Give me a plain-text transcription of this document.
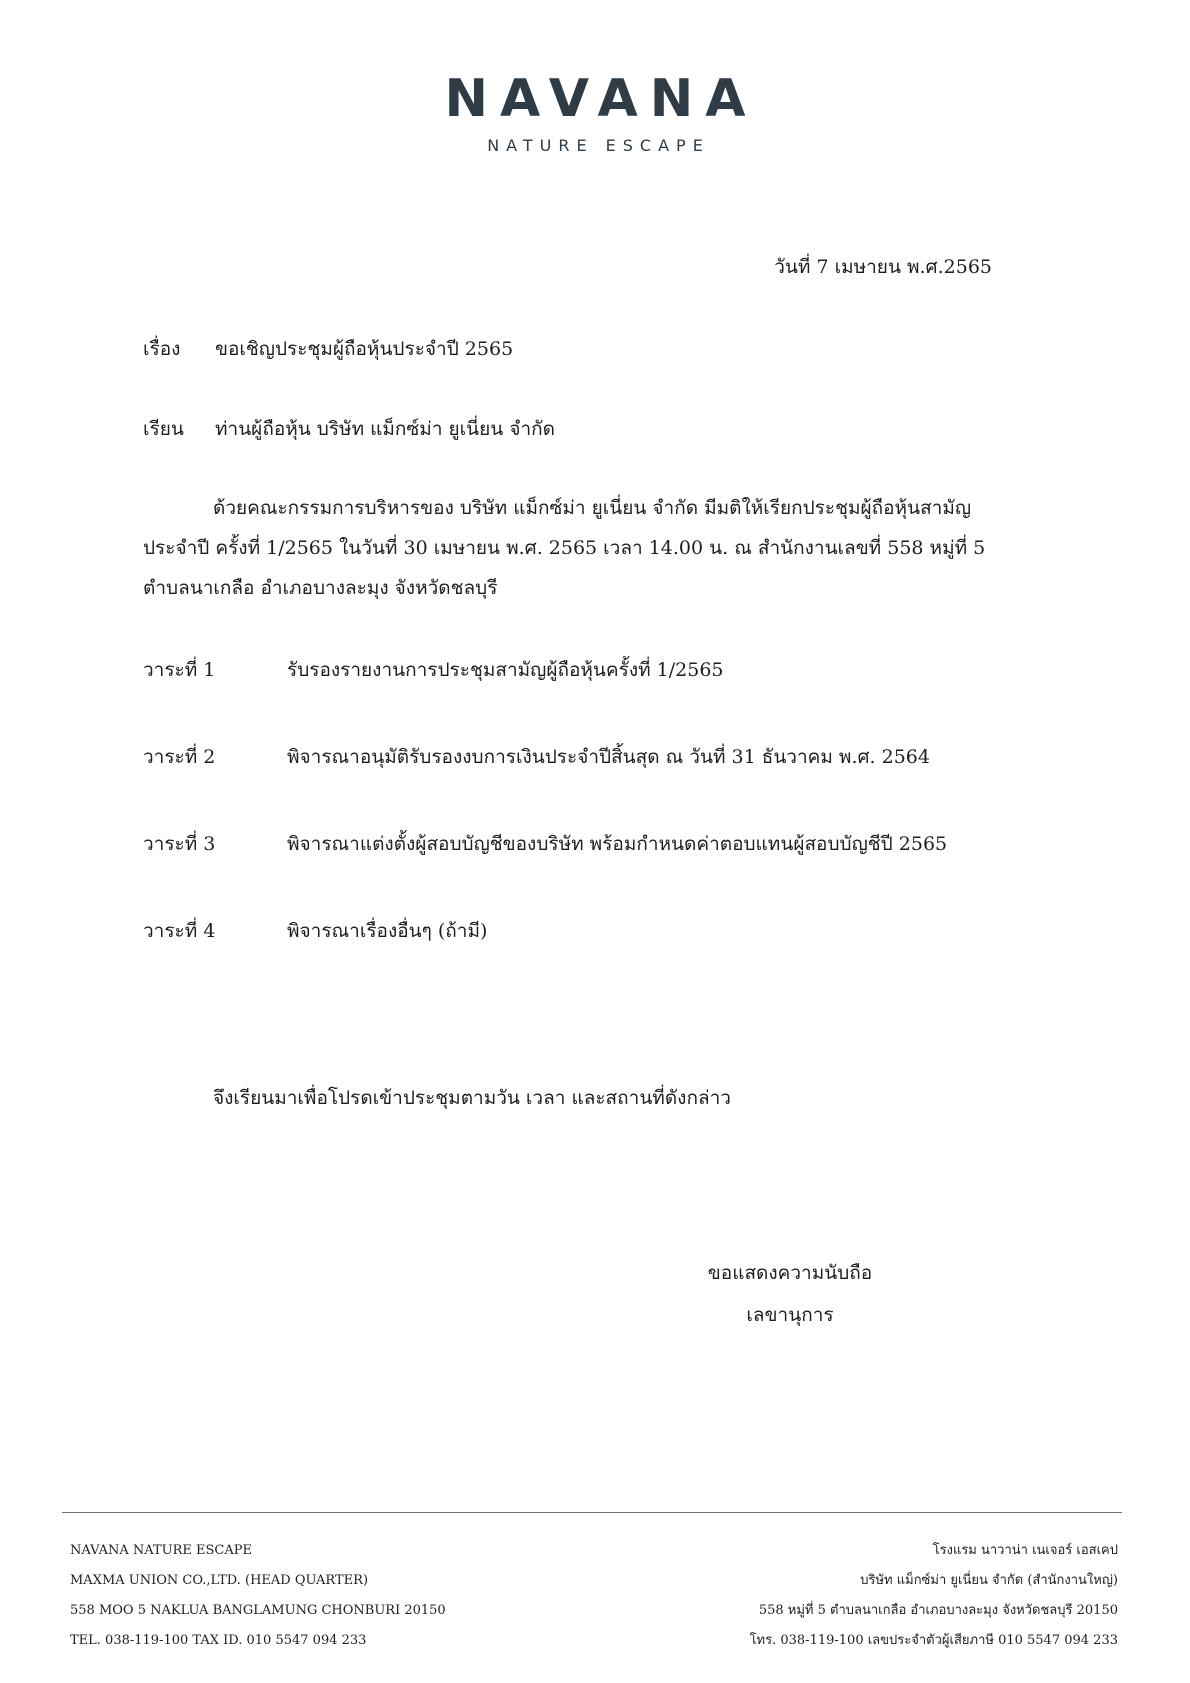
NAVANA
NATURE ESCAPE
วันที่ 7 เมษายน พ.ศ.2565
เรื่อง ขอเชิญประชุมผู้ถือหุ้นประจำปี 2565
เรียน ท่านผู้ถือหุ้น บริษัท แม็กซ์ม่า ยูเนี่ยน จำกัด
ด้วยคณะกรรมการบริหารของ บริษัท แม็กซ์ม่า ยูเนี่ยน จำกัด มีมติให้เรียกประชุมผู้ถือหุ้นสามัญ
ประจำปี ครั้งที่ 1/2565 ในวันที่ 30 เมษายน พ.ศ. 2565 เวลา 14.00 น. ณ สำนักงานเลขที่ 558 หมู่ที่ 5
ตำบลนาเกลือ อำเภอบางละมุง จังหวัดชลบุรี
วาระที่ 1	รับรองรายงานการประชุมสามัญผู้ถือหุ้นครั้งที่ 1/2565
วาระที่ 2	พิจารณาอนุมัติรับรองงบการเงินประจำปีสิ้นสุด ณ วันที่ 31 ธันวาคม พ.ศ. 2564
วาระที่ 3	พิจารณาแต่งตั้งผู้สอบบัญชีของบริษัท พร้อมกำหนดค่าตอบแทนผู้สอบบัญชีปี 2565
วาระที่ 4	พิจารณาเรื่องอื่นๆ (ถ้ามี)
จึงเรียนมาเพื่อโปรดเข้าประชุมตามวัน เวลา และสถานที่ดังกล่าว
ขอแสดงความนับถือ
เลขานุการ
NAVANA NATURE ESCAPE
MAXMA UNION CO.,LTD. (HEAD QUARTER)
558 MOO 5 NAKLUA BANGLAMUNG CHONBURI 20150
TEL. 038-119-100 TAX ID. 010 5547 094 233
โรงแรม นาวาน่า เนเจอร์ เอสเคป
บริษัท แม็กซ์ม่า ยูเนี่ยน จำกัด (สำนักงานใหญ่)
558 หมู่ที่ 5 ตำบลนาเกลือ อำเภอบางละมุง จังหวัดชลบุรี 20150
โทร. 038-119-100 เลขประจำตัวผู้เสียภาษี 010 5547 094 233
